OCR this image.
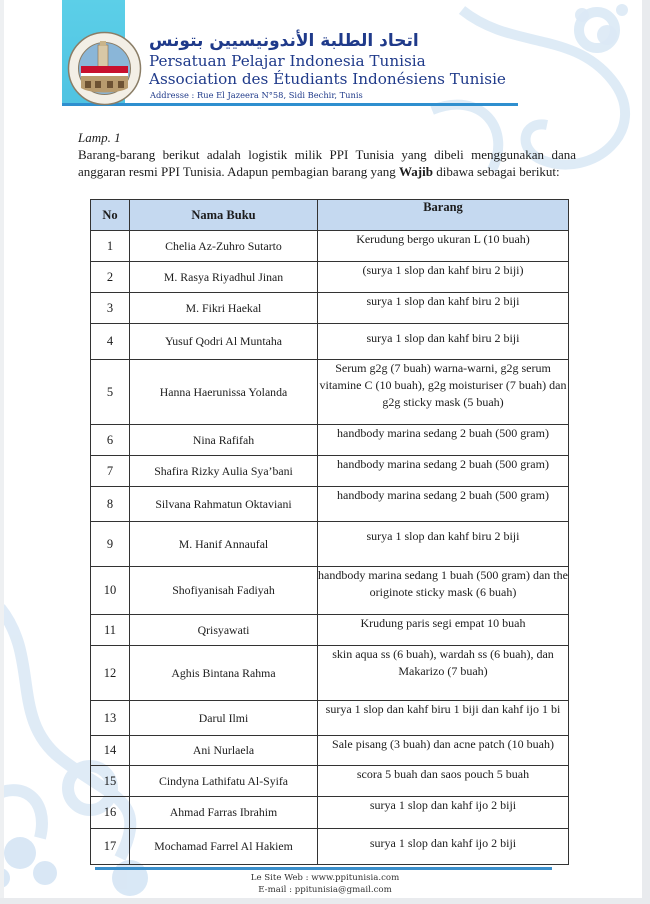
اتحاد الطلبة الأندونيسيين بتونس
Persatuan Pelajar Indonesia Tunisia
Association des Étudiants Indonésiens Tunisie
Addresse : Rue El Jazeera N°58, Sidi Bechir, Tunis
Lamp. 1
Barang-barang berikut adalah logistik milik PPI Tunisia yang dibeli menggunakan dana anggaran resmi PPI Tunisia. Adapun pembagian barang yang Wajib dibawa sebagai berikut:
No	Nama Buku	Barang
1	Chelia Az-Zuhro Sutarto	Kerudung bergo ukuran L (10 buah)
2	M. Rasya Riyadhul Jinan	(surya 1 slop dan kahf biru 2 biji)
3	M. Fikri Haekal	surya 1 slop dan kahf biru 2 biji
4	Yusuf Qodri Al Muntaha	surya 1 slop dan kahf biru 2 biji
5	Hanna Haerunissa Yolanda	Serum g2g (7 buah) warna-warni, g2g serum vitamine C (10 buah), g2g moisturiser (7 buah) dan g2g sticky mask (5 buah)
6	Nina Rafifah	handbody marina sedang 2 buah (500 gram)
7	Shafira Rizky Aulia Sya’bani	handbody marina sedang 2 buah (500 gram)
8	Silvana Rahmatun Oktaviani	handbody marina sedang 2 buah (500 gram)
9	M. Hanif Annaufal	surya 1 slop dan kahf biru 2 biji
10	Shofiyanisah Fadiyah	handbody marina sedang 1 buah (500 gram) dan the originote sticky mask (6 buah)
11	Qrisyawati	Krudung paris segi empat 10 buah
12	Aghis Bintana Rahma	skin aqua ss (6 buah), wardah ss (6 buah), dan Makarizo (7 buah)
13	Darul Ilmi	surya 1 slop dan kahf biru 1 biji dan kahf ijo 1 bi
14	Ani Nurlaela	Sale pisang (3 buah) dan acne patch (10 buah)
15	Cindyna Lathifatu Al-Syifa	scora 5 buah dan saos pouch 5 buah
16	Ahmad Farras Ibrahim	surya 1 slop dan kahf ijo 2 biji
17	Mochamad Farrel Al Hakiem	surya 1 slop dan kahf ijo 2 biji
Le Site Web : www.ppitunisia.com
E-mail : ppitunisia@gmail.com
